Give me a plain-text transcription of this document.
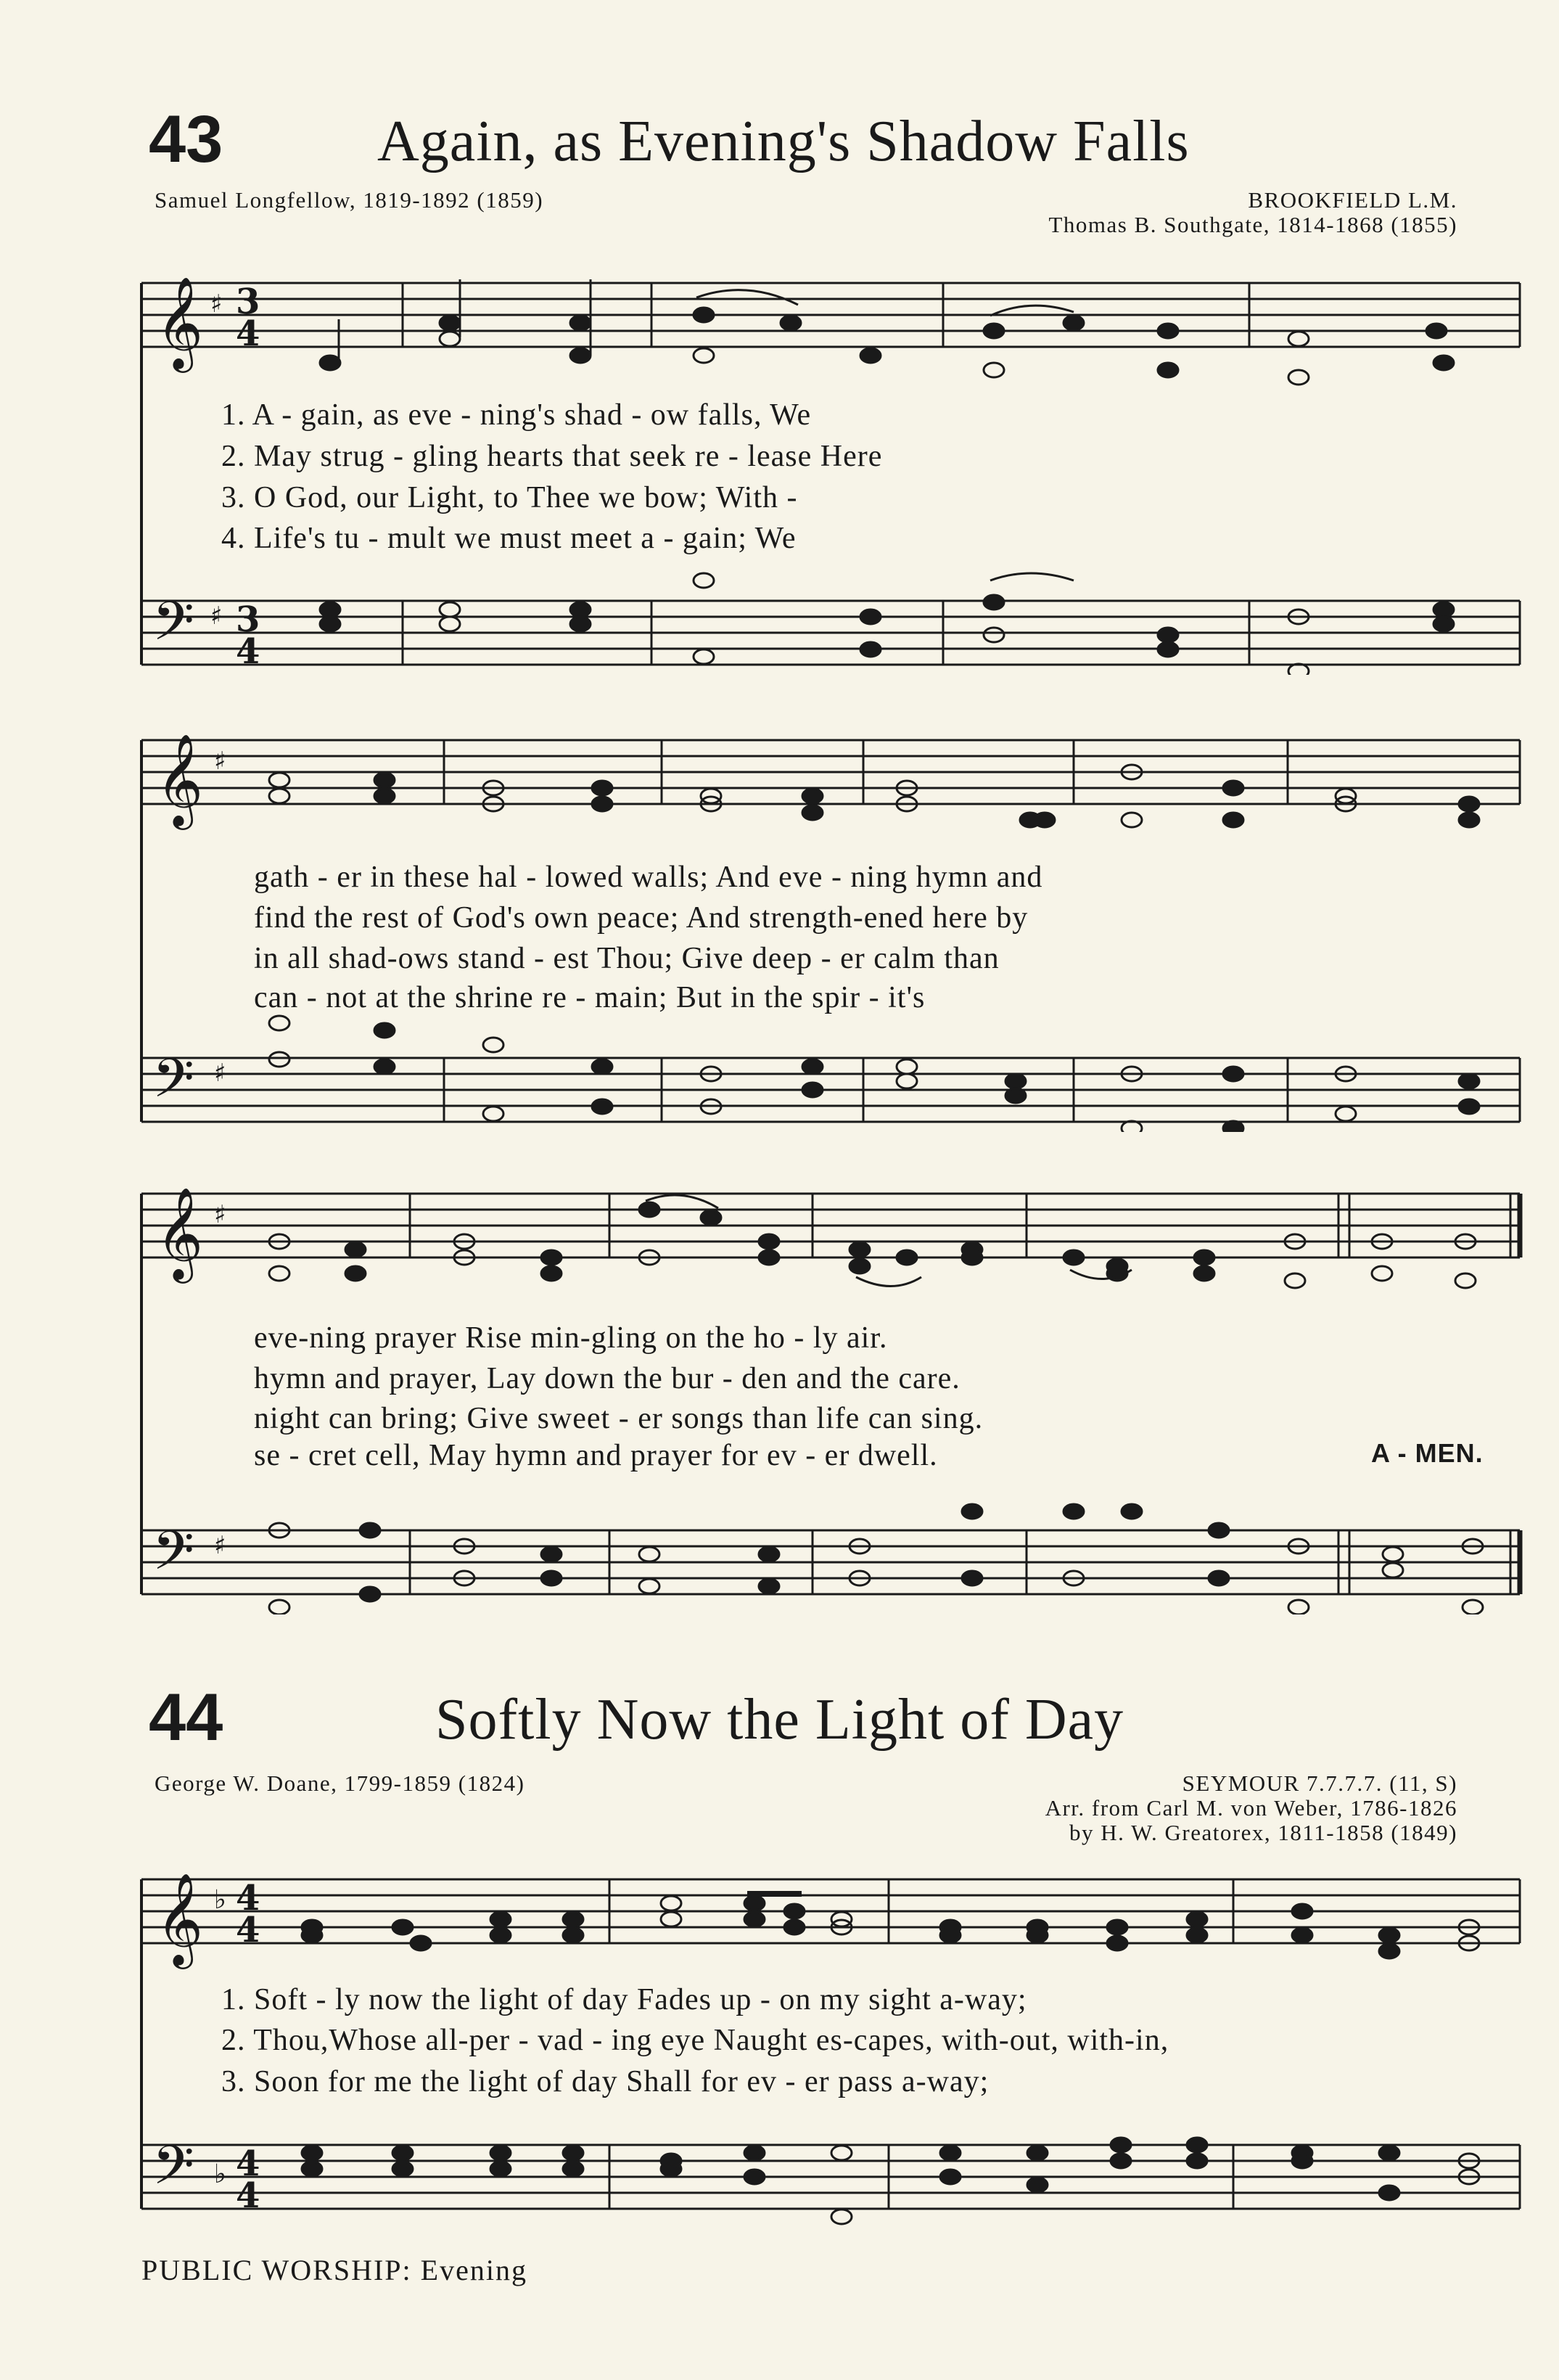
43	Again, as Evening's Shadow Falls
Samuel Longfellow, 1819-1892 (1859)	BROOKFIELD L.M.
Thomas B. Southgate, 1814-1868 (1855)
𝄞 ♯ 3
4
𝄢 ♯ 3
4
1. A - gain, as eve - ning's shad - ow falls, We
2. May strug - gling hearts that seek re - lease Here
3. O God, our Light, to Thee we bow; With -
4. Life's tu - mult we must meet a - gain; We
𝄞 ♯
𝄢 ♯
gath - er in these hal - lowed walls; And eve - ning hymn and
find the rest of God's own peace; And strength-ened here by
in all shad-ows stand - est Thou; Give deep - er calm than
can - not at the shrine re - main; But in the spir - it's
𝄞 ♯
𝄢 ♯
eve-ning prayer Rise min-gling on the ho - ly air.
hymn and prayer, Lay down the bur - den and the care.
night can bring; Give sweet - er songs than life can sing.
se - cret cell, May hymn and prayer for ev - er dwell.	A - MEN.
44	Softly Now the Light of Day
George W. Doane, 1799-1859 (1824)	SEYMOUR 7.7.7.7. (11, S)
Arr. from Carl M. von Weber, 1786-1826
by H. W. Greatorex, 1811-1858 (1849)
𝄞 ♭ 4
4
𝄢 ♭ 4
4
1. Soft - ly now the light of day Fades up - on my sight a-way;
2. Thou,Whose all-per - vad - ing eye Naught es-capes, with-out, with-in,
3. Soon for me the light of day Shall for ev - er pass a-way;
PUBLIC WORSHIP: Evening
